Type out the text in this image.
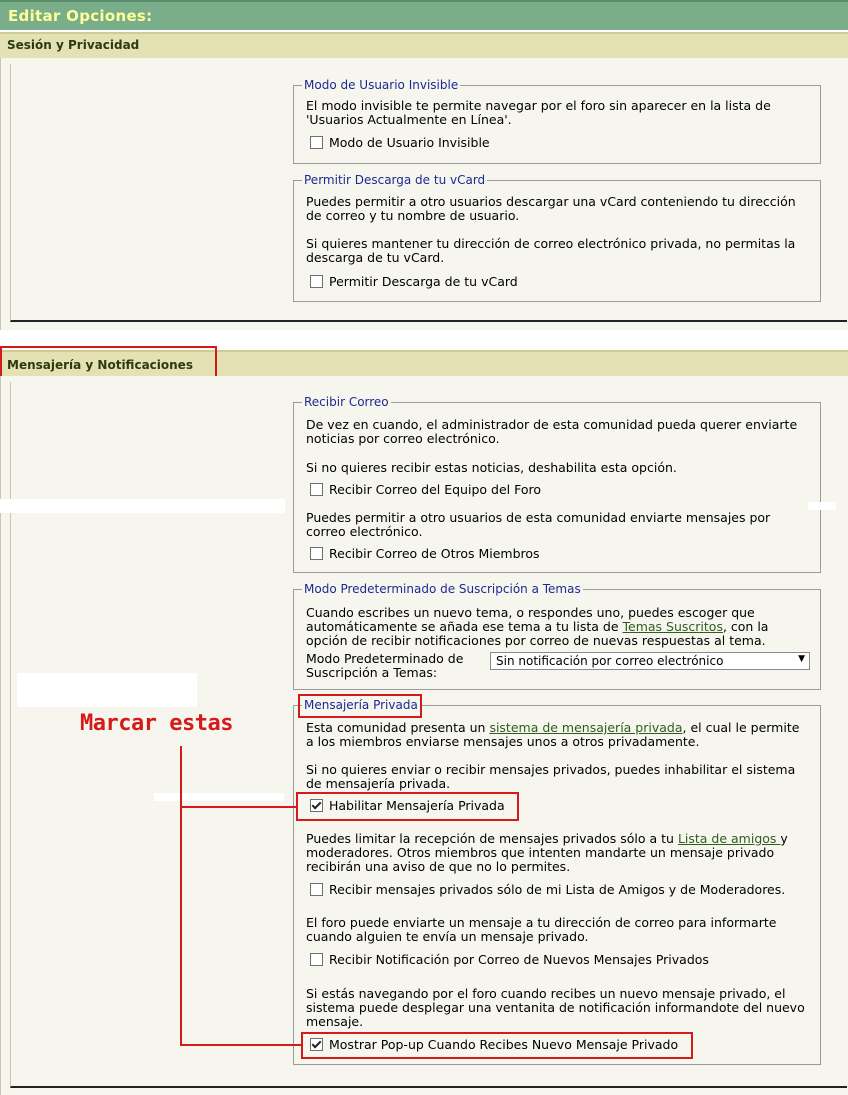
Editar Opciones:
Sesión y Privacidad
Modo de Usuario Invisible
El modo invisible te permite navegar por el foro sin aparecer en la lista de 'Usuarios Actualmente en Línea'.
Modo de Usuario Invisible
Permitir Descarga de tu vCard
Puedes permitir a otro usuarios descargar una vCard conteniendo tu dirección de correo y tu nombre de usuario.
Si quieres mantener tu dirección de correo electrónico privada, no permitas la descarga de tu vCard.
Permitir Descarga de tu vCard
Mensajería y Notificaciones
Recibir Correo
De vez en cuando, el administrador de esta comunidad pueda querer enviarte noticias por correo electrónico.
Si no quieres recibir estas noticias, deshabilita esta opción.
Recibir Correo del Equipo del Foro
Puedes permitir a otro usuarios de esta comunidad enviarte mensajes por correo electrónico.
Recibir Correo de Otros Miembros
Modo Predeterminado de Suscripción a Temas
Cuando escribes un nuevo tema, o respondes uno, puedes escoger que automáticamente se añada ese tema a tu lista de Temas Suscritos, con la opción de recibir notificaciones por correo de nuevas respuestas al tema.
Modo Predeterminado de Suscripción a Temas:
Sin notificación por correo electrónico	▼
Mensajería Privada
Esta comunidad presenta un sistema de mensajería privada, el cual le permite a los miembros enviarse mensajes unos a otros privadamente.
Si no quieres enviar o recibir mensajes privados, puedes inhabilitar el sistema de mensajería privada.
Habilitar Mensajería Privada
Puedes limitar la recepción de mensajes privados sólo a tu Lista de amigos y moderadores. Otros miembros que intenten mandarte un mensaje privado recibirán una aviso de que no lo permites.
Recibir mensajes privados sólo de mi Lista de Amigos y de Moderadores.
El foro puede enviarte un mensaje a tu dirección de correo para informarte cuando alguien te envía un mensaje privado.
Recibir Notificación por Correo de Nuevos Mensajes Privados
Si estás navegando por el foro cuando recibes un nuevo mensaje privado, el sistema puede desplegar una ventanita de notificación informandote del nuevo mensaje.
Mostrar Pop-up Cuando Recibes Nuevo Mensaje Privado
Marcar estas
